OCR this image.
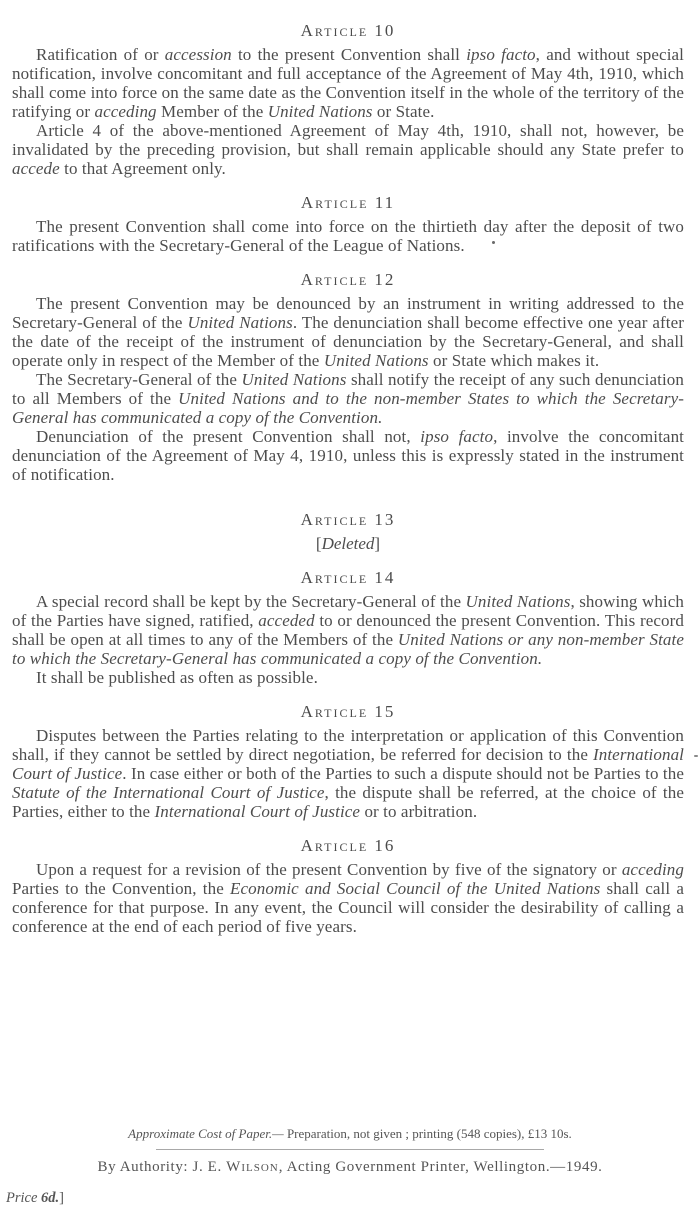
Article 10

Ratification of or accession to the present Convention shall ipso facto, and without special notification, involve concomitant and full acceptance of the Agreement of May 4th, 1910, which shall come into force on the same date as the Convention itself in the whole of the territory of the ratifying or acceding Member of the United Nations or State.

Article 4 of the above-mentioned Agreement of May 4th, 1910, shall not, however, be invalidated by the preceding provision, but shall remain applicable should any State prefer to accede to that Agreement only.

Article 11

The present Convention shall come into force on the thirtieth day after the deposit of two ratifications with the Secretary-General of the League of Nations.

Article 12

The present Convention may be denounced by an instrument in writing addressed to the Secretary-General of the United Nations. The denunciation shall become effective one year after the date of the receipt of the instrument of denunciation by the Secretary-General, and shall operate only in respect of the Member of the United Nations or State which makes it.

The Secretary-General of the United Nations shall notify the receipt of any such denunciation to all Members of the United Nations and to the non-member States to which the Secretary-General has communicated a copy of the Convention.

Denunciation of the present Convention shall not, ipso facto, involve the concomitant denunciation of the Agreement of May 4, 1910, unless this is expressly stated in the instrument of notification.

Article 13

[Deleted]

Article 14

A special record shall be kept by the Secretary-General of the United Nations, showing which of the Parties have signed, ratified, acceded to or denounced the present Convention. This record shall be open at all times to any of the Members of the United Nations or any non-member State to which the Secretary-General has communicated a copy of the Convention.

It shall be published as often as possible.

Article 15

Disputes between the Parties relating to the interpretation or application of this Convention shall, if they cannot be settled by direct negotiation, be referred for decision to the International Court of Justice. In case either or both of the Parties to such a dispute should not be Parties to the Statute of the International Court of Justice, the dispute shall be referred, at the choice of the Parties, either to the International Court of Justice or to arbitration.

Article 16

Upon a request for a revision of the present Convention by five of the signatory or acceding Parties to the Convention, the Economic and Social Council of the United Nations shall call a conference for that purpose. In any event, the Council will consider the desirability of calling a conference at the end of each period of five years.

Approximate Cost of Paper.— Preparation, not given ; printing (548 copies), £13 10s.

By Authority: J. E. Wilson, Acting Government Printer, Wellington.—1949.

Price 6d.]
